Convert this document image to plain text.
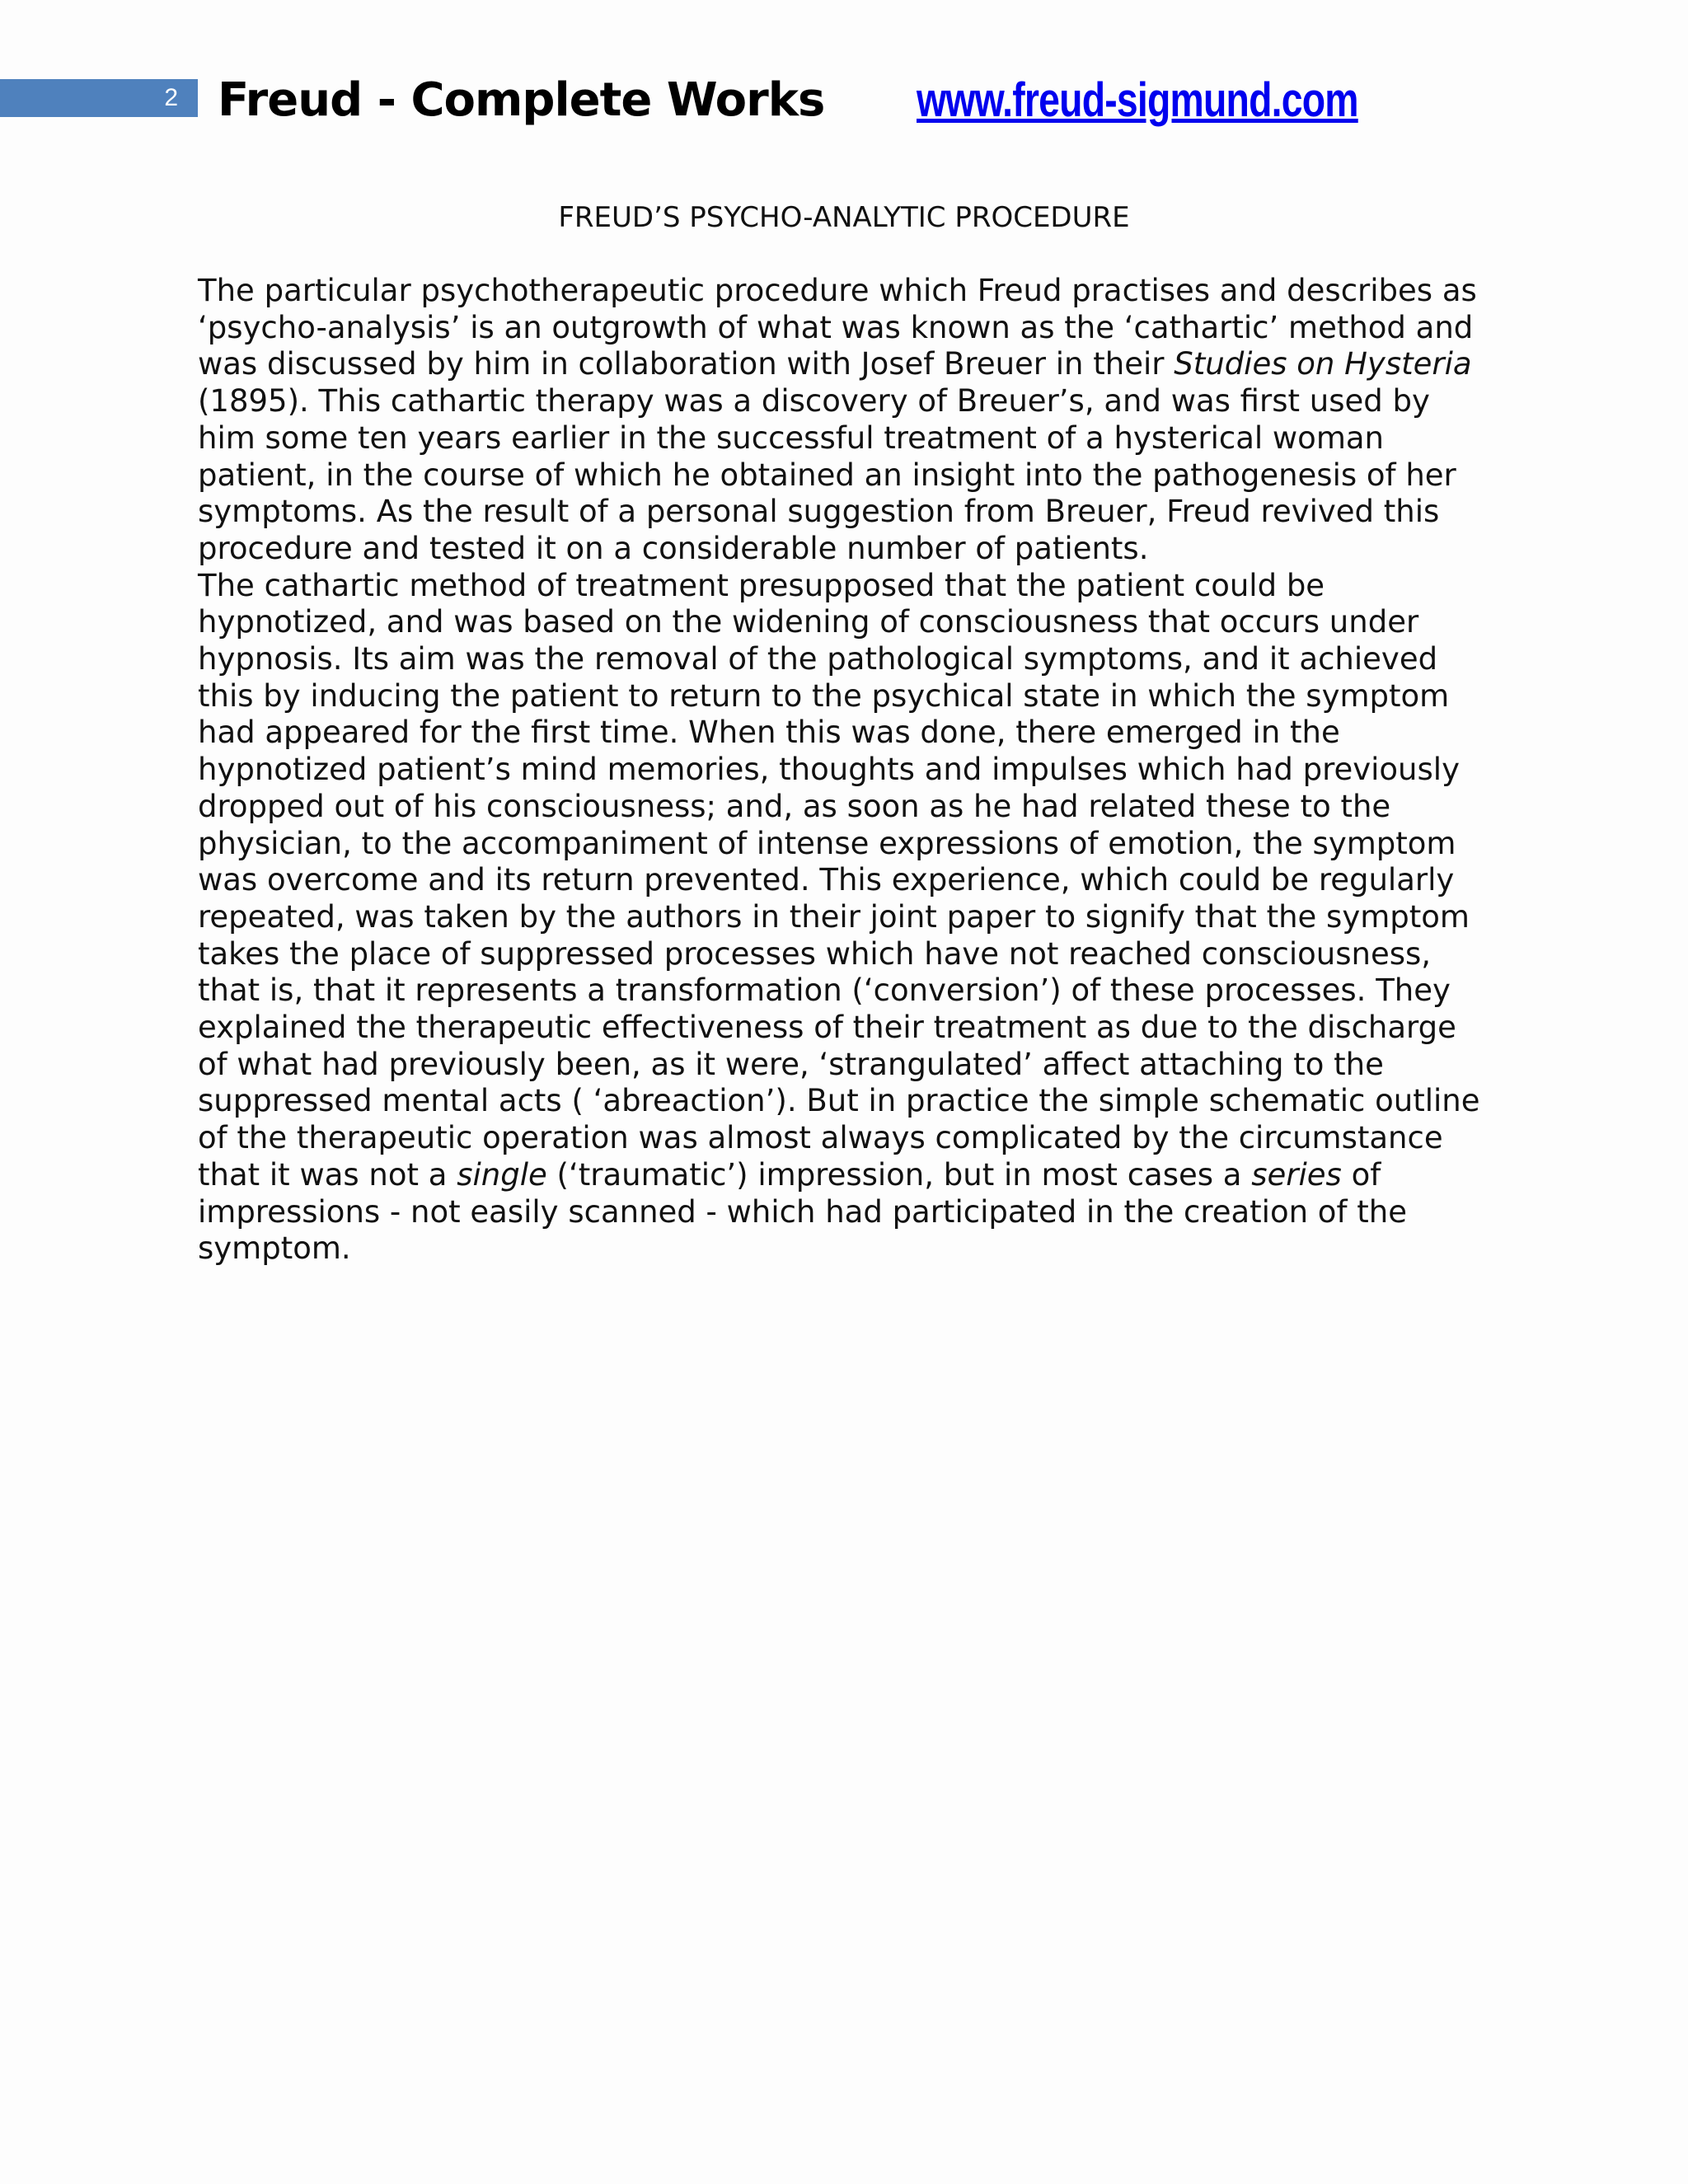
2 Freud - Complete Works www.freud-sigmund.com
FREUD’S PSYCHO-ANALYTIC PROCEDURE
The particular psychotherapeutic procedure which Freud practises and describes as
‘psycho-analysis’ is an outgrowth of what was known as the ‘cathartic’ method and
was discussed by him in collaboration with Josef Breuer in their Studies on Hysteria
(1895). This cathartic therapy was a discovery of Breuer’s, and was first used by
him some ten years earlier in the successful treatment of a hysterical woman
patient, in the course of which he obtained an insight into the pathogenesis of her
symptoms. As the result of a personal suggestion from Breuer, Freud revived this
procedure and tested it on a considerable number of patients.
The cathartic method of treatment presupposed that the patient could be
hypnotized, and was based on the widening of consciousness that occurs under
hypnosis. Its aim was the removal of the pathological symptoms, and it achieved
this by inducing the patient to return to the psychical state in which the symptom
had appeared for the first time. When this was done, there emerged in the
hypnotized patient’s mind memories, thoughts and impulses which had previously
dropped out of his consciousness; and, as soon as he had related these to the
physician, to the accompaniment of intense expressions of emotion, the symptom
was overcome and its return prevented. This experience, which could be regularly
repeated, was taken by the authors in their joint paper to signify that the symptom
takes the place of suppressed processes which have not reached consciousness,
that is, that it represents a transformation (‘conversion’) of these processes. They
explained the therapeutic effectiveness of their treatment as due to the discharge
of what had previously been, as it were, ‘strangulated’ affect attaching to the
suppressed mental acts ( ‘abreaction’). But in practice the simple schematic outline
of the therapeutic operation was almost always complicated by the circumstance
that it was not a single (‘traumatic’) impression, but in most cases a series of
impressions - not easily scanned - which had participated in the creation of the
symptom.
